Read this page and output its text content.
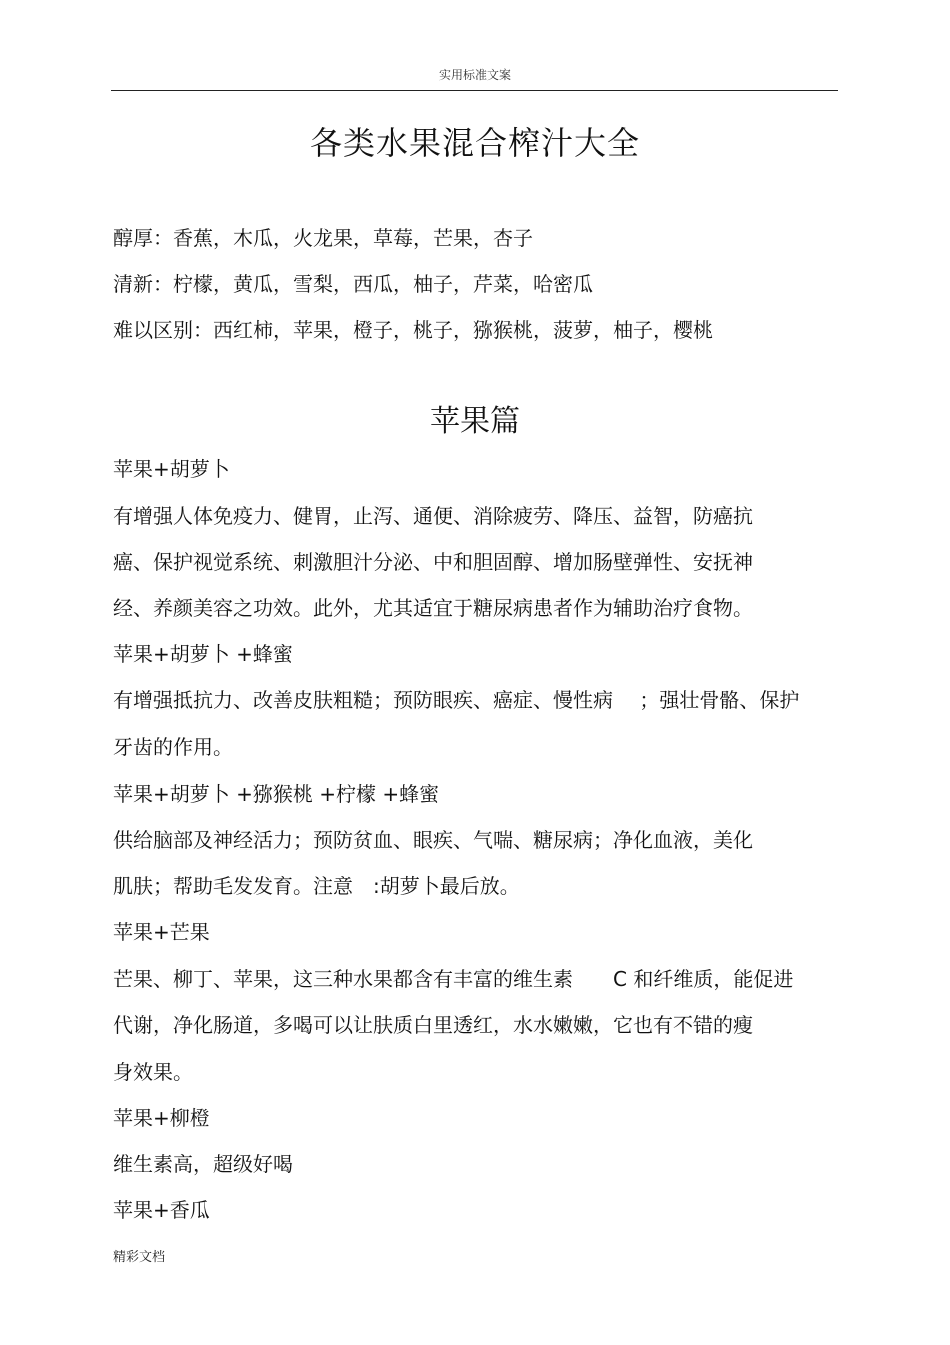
实用标准文案
各类水果混合榨汁大全
醇厚：香蕉，木瓜，火龙果，草莓，芒果，杏子
清新：柠檬，黄瓜，雪梨，西瓜，柚子，芹菜，哈密瓜
难以区别：西红柿，苹果，橙子，桃子，猕猴桃，菠萝，柚子，樱桃
苹果篇
苹果+胡萝卜
有增强人体免疫力、健胃，止泻、通便、消除疲劳、降压、益智，防癌抗
癌、保护视觉系统、刺激胆汁分泌、中和胆固醇、增加肠壁弹性、安抚神
经、养颜美容之功效。此外，尤其适宜于糖尿病患者作为辅助治疗食物。
苹果+胡萝卜 +蜂蜜
有增强抵抗力、改善皮肤粗糙；预防眼疾、癌症、慢性病　 ；强壮骨骼、保护
牙齿的作用。
苹果+胡萝卜 +猕猴桃 +柠檬 +蜂蜜
供给脑部及神经活力；预防贫血、眼疾、气喘、糖尿病；净化血液，美化
肌肤；帮助毛发发育。注意　:胡萝卜最后放。
苹果+芒果
芒果、柳丁、苹果，这三种水果都含有丰富的维生素　　C 和纤维质，能促进
代谢，净化肠道，多喝可以让肤质白里透红，水水嫩嫩，它也有不错的瘦
身效果。
苹果+柳橙
维生素高，超级好喝
苹果+香瓜
精彩文档
